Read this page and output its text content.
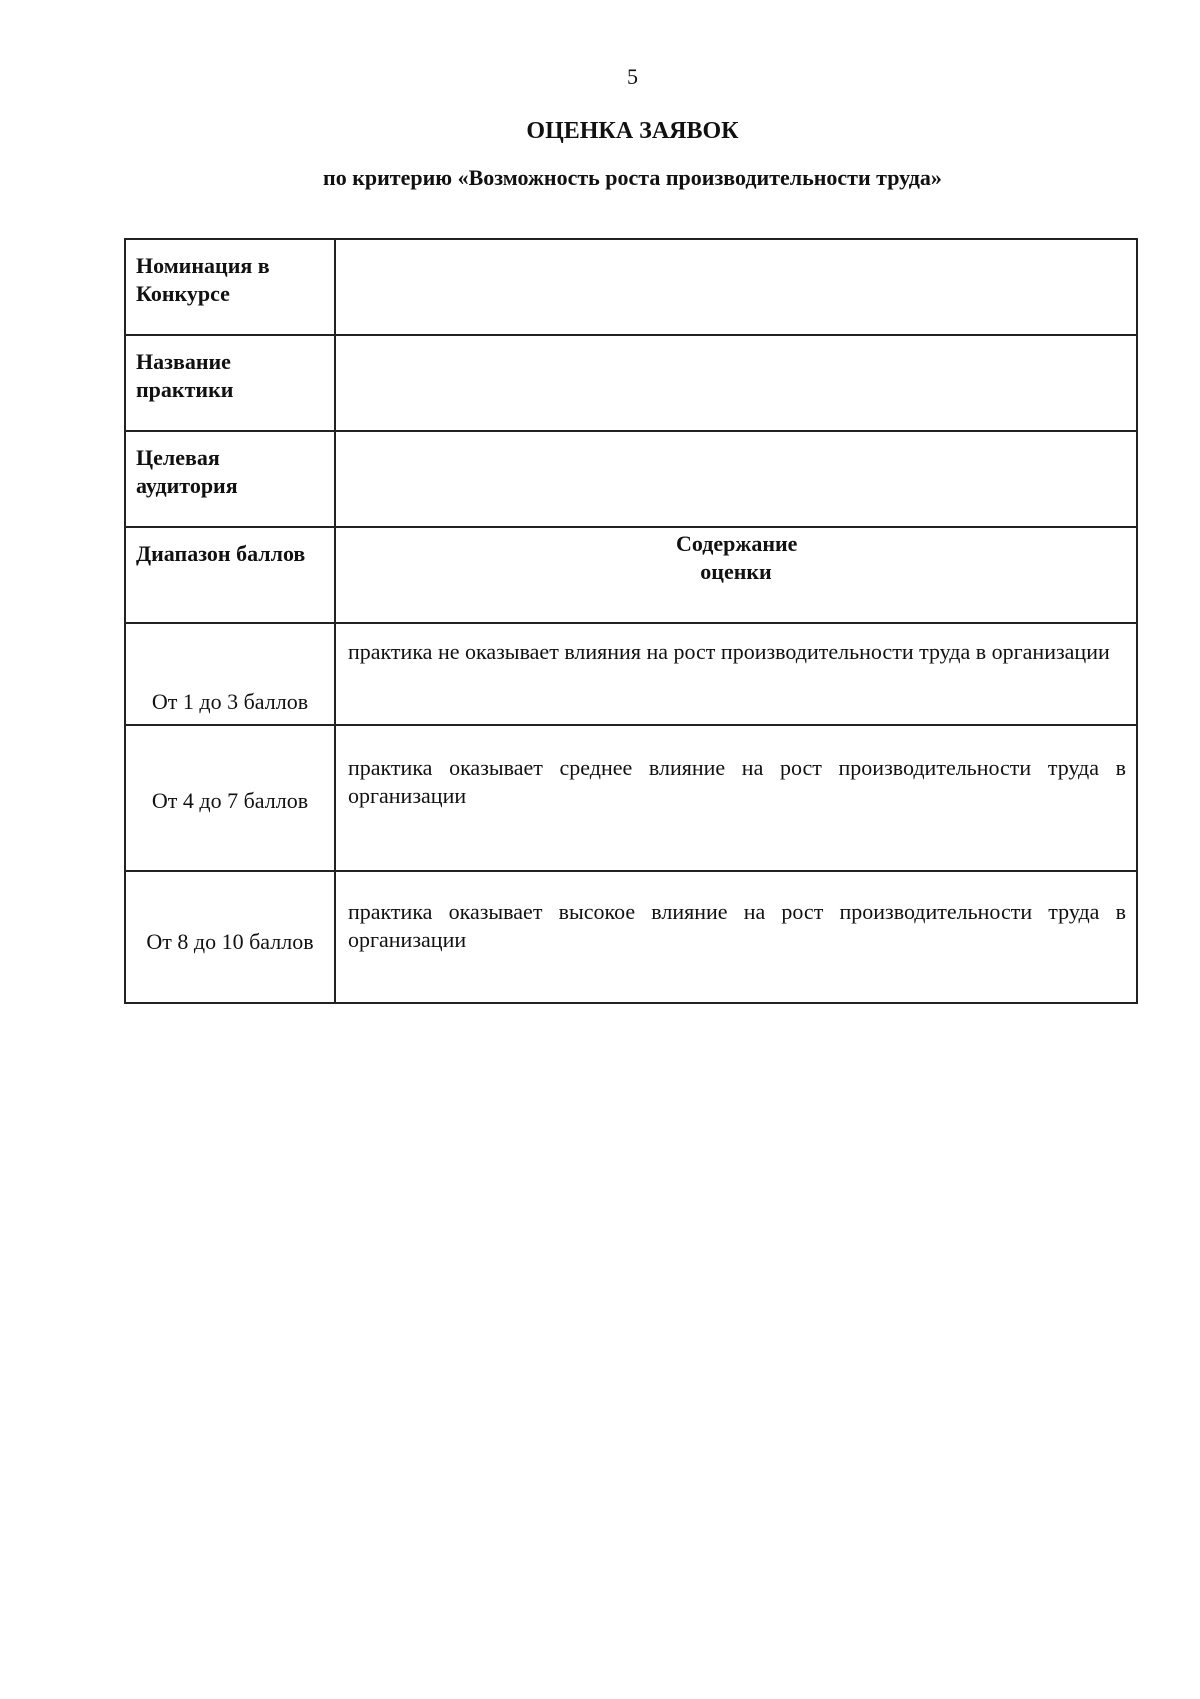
5
ОЦЕНКА ЗАЯВОК
по критерию «Возможность роста производительности труда»
Номинация в Конкурсе	
Название практики	
Целевая аудитория	
Диапазон баллов	Содержание оценки

От 1 до 3 баллов	практика не оказывает влияния на рост производительности труда в организации
От 4 до 7 баллов	практика оказывает среднее влияние на рост производительности труда в организации
От 8 до 10 баллов	практика оказывает высокое влияние на рост производительности труда в организации
